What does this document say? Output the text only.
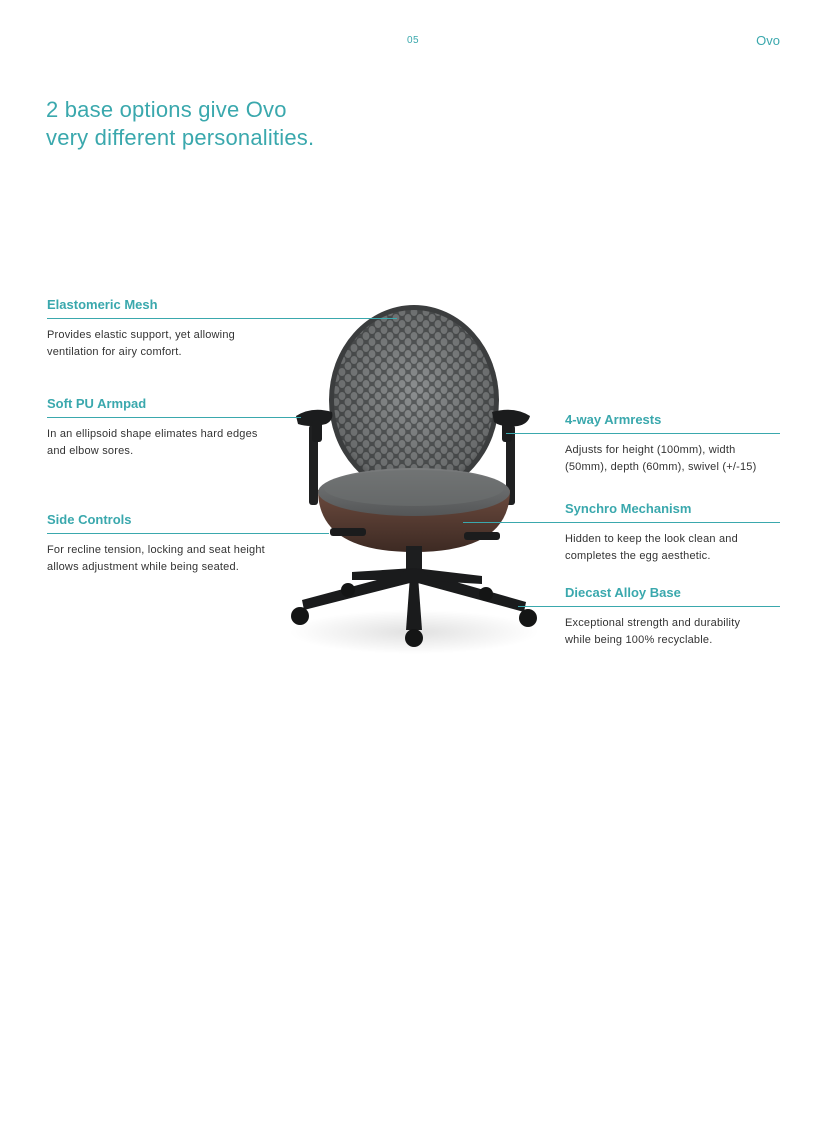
05	Ovo
2 base options give Ovo
very different personalities.
Elastomeric Mesh
Provides elastic support, yet allowing
ventilation for airy comfort.
Soft PU Armpad
In an ellipsoid shape elimates hard edges
and elbow sores.
Side Controls
For recline tension, locking and seat height
allows adjustment while being seated.
4-way Armrests
Adjusts for height (100mm), width
(50mm), depth (60mm), swivel (+/-15)
Synchro Mechanism
Hidden to keep the look clean and
completes the egg aesthetic.
Diecast Alloy Base
Exceptional strength and durability
while being 100% recyclable.
